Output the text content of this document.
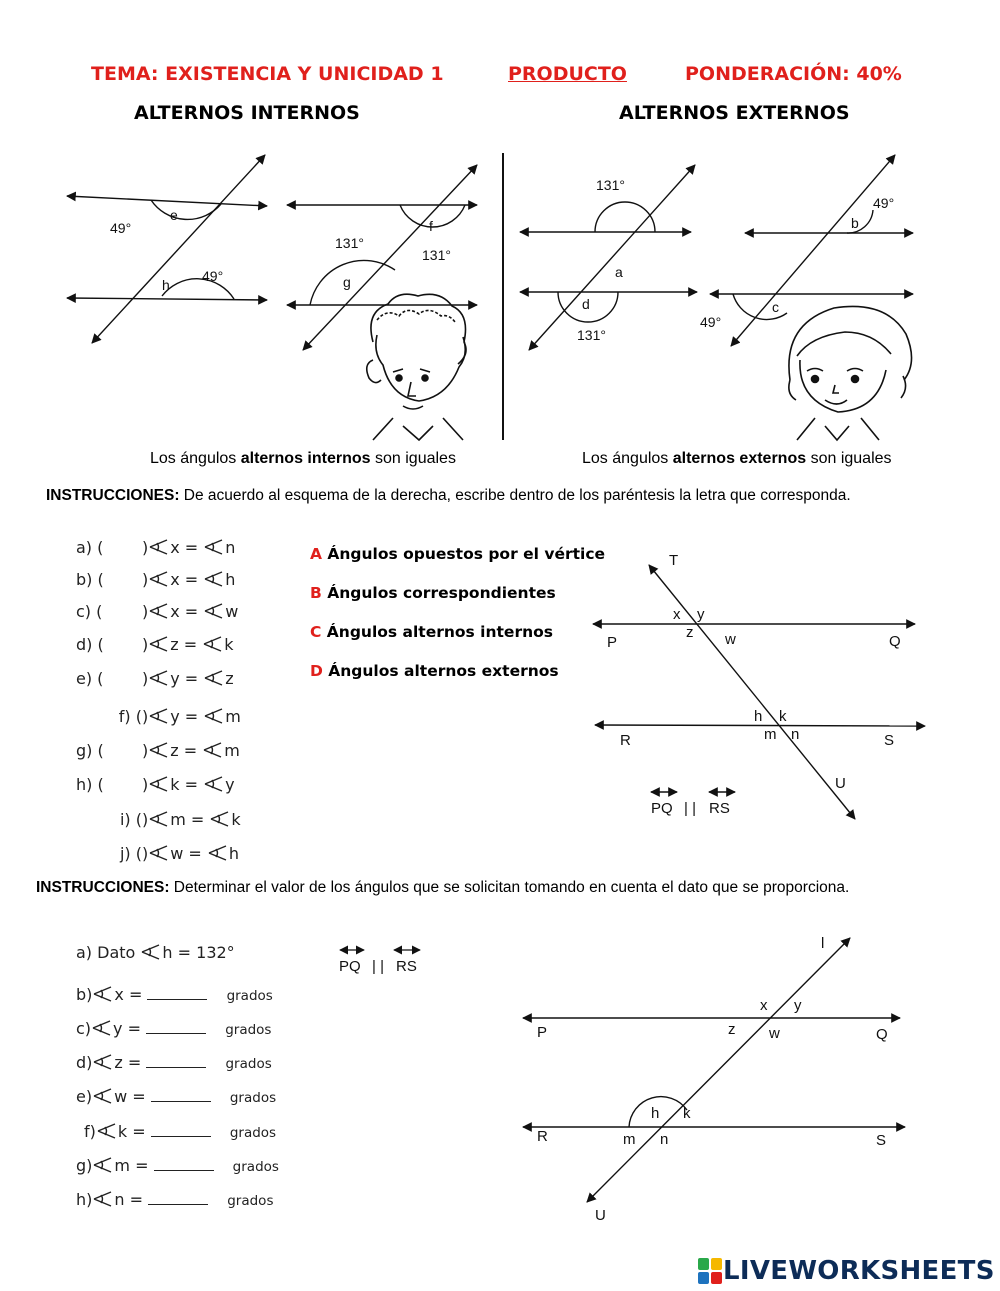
TEMA: EXISTENCIA Y UNICIDAD 1	PRODUCTO	PONDERACIÓN: 40%
ALTERNOS INTERNOS	ALTERNOS EXTERNOS
49°
e
h
49°
131°
f
g
131°
131°
a
d
131°
49°
b
c
49°
Los ángulos alternos internos son iguales	Los ángulos alternos externos son iguales
INSTRUCCIONES: De acuerdo al esquema de la derecha, escribe dentro de los paréntesis la letra que corresponda.
a) ( ) x = n
b) ( ) x = h
c) ( ) x = w
d) ( ) z = k
e) ( ) y = z
f) () y = m
g) ( ) z = m
h) ( ) k = y
i) () m = k
j) () w = h
A Ángulos opuestos por el vértice
B Ángulos correspondientes
C Ángulos alternos internos
D Ángulos alternos externos
T
P	Q
R	S
U
x y
z w
h k
m n
PQ | | RS
INSTRUCCIONES: Determinar el valor de los ángulos que se solicitan tomando en cuenta el dato que se proporciona.
a) Dato h = 132°
PQ | | RS
b) x =	grados
c) y =	grados
d) z =	grados
e) w =	grados
f) k =	grados
g) m =	grados
h) n =	grados
l
P	Q
R	S
U
x y
z w
h k
m n
LIVEWORKSHEETS
